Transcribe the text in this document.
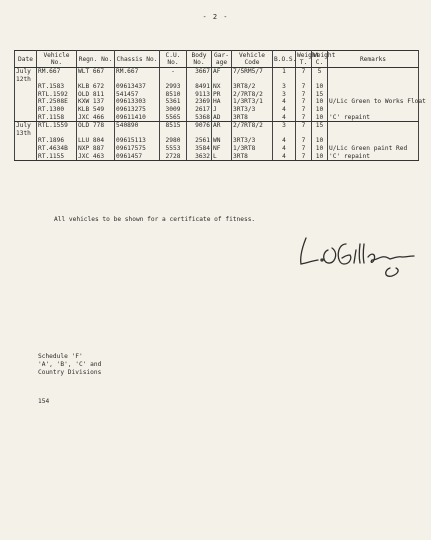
- 2 -
Date	Vehicle No.	Regn. No.	Chassis No.	C.U. No.	Body No.	Gar-age	Vehicle Code	B.O.S.	Weight T.	Weight C.	Remarks
July 12th	RM.667	WLT 667	RM.667	-	3667	AF	7/5RM5/7	1	7	5	
	RT.1583	KLB 672	09613437	2993	8491	NX	3RT8/2	3	7	10	
	RTL.1592	OLD 811	541457	8510	9113	PR	2/7RT8/2	3	7	15	
	RT.2508E	KXW 137	09613303	5361	2369	HA	1/3RT3/1	4	7	10	U/Lic Green to Works Float

	RT.1300	KLB 549	09613275	3009	2617	J	3RT3/3	4	7	10	
	RT.1158	JXC 466	09611410	5565	5368	AD	3RT8	4	7	10	'C' repaint
July 13th	RTL.1559	OLD 778	540890	8515	9076	AR	2/7RT8/2	3	7	15	
	RT.1896	LLU 804	09615113	2980	2561	WN	3RT3/3	4	7	10	
	RT.4634B	NXP 887	09617575	5553	3584	NF	1/3RT8	4	7	10	U/Lic Green paint Red

	RT.1155	JXC 463	0961457	2728	3632	L	3RT8	4	7	10	'C' repaint
All vehicles to be shown for a certificate of fitness.
Schedule 'F'
'A', 'B', 'C' and
Country Divisions
154
